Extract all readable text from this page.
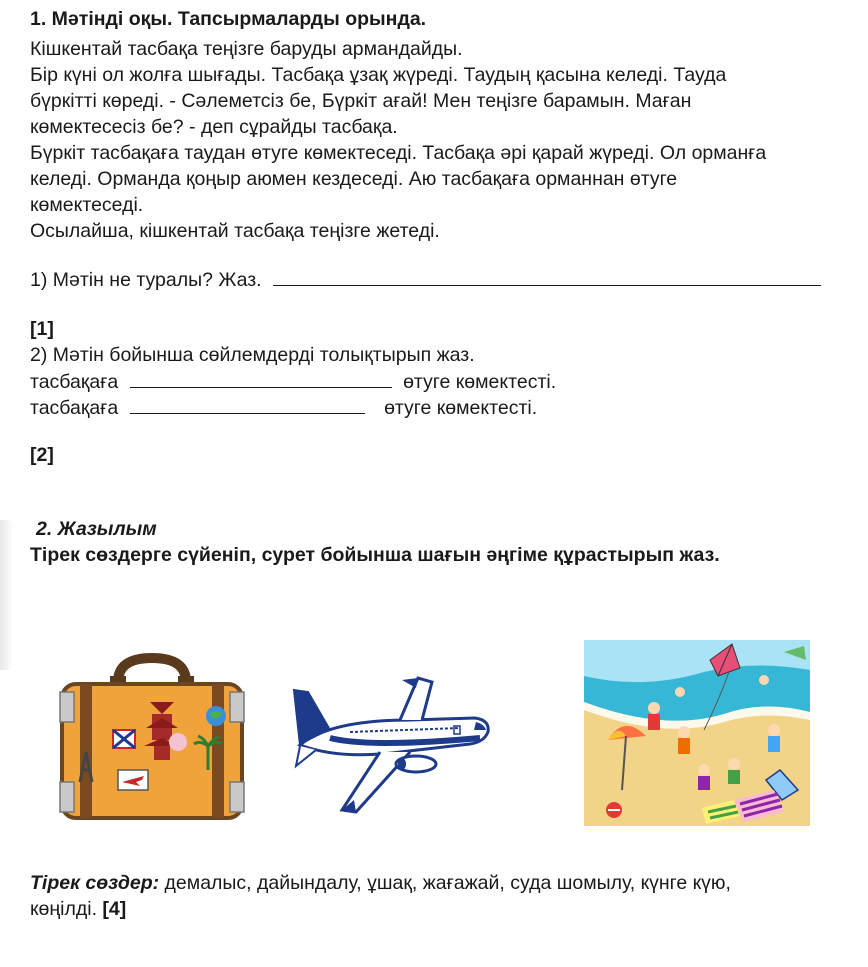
1. Мәтінді оқы. Тапсырмаларды орында.
Кішкентай тасбақа теңізге баруды армандайды.
Бір күні ол жолға шығады. Тасбақа ұзақ жүреді. Таудың қасына келеді. Тауда
бүркітті көреді. - Сәлеметсіз бе, Бүркіт ағай! Мен теңізге барамын. Маған
көмектесесіз бе? - деп сұрайды тасбақа.
Бүркіт тасбақаға таудан өтуге көмектеседі. Тасбақа әрі қарай жүреді. Ол орманға
келеді. Орманда қоңыр аюмен кездеседі. Аю тасбақаға орманнан өтуге
көмектеседі.
Осылайша, кішкентай тасбақа теңізге жетеді.
1) Мәтін не туралы? Жаз.
[1]
2) Мәтін бойынша сөйлемдерді толықтырып жаз.
тасбақаға	өтуге көмектесті.
тасбақаға	өтуге көмектесті.
[2]
2. Жазылым
Тірек сөздерге сүйеніп, сурет бойынша шағын әңгіме құрастырып жаз.
Тірек сөздер: демалыс, дайындалу, ұшақ, жағажай, суда шомылу, күнге күю,
көңілді. [4]
